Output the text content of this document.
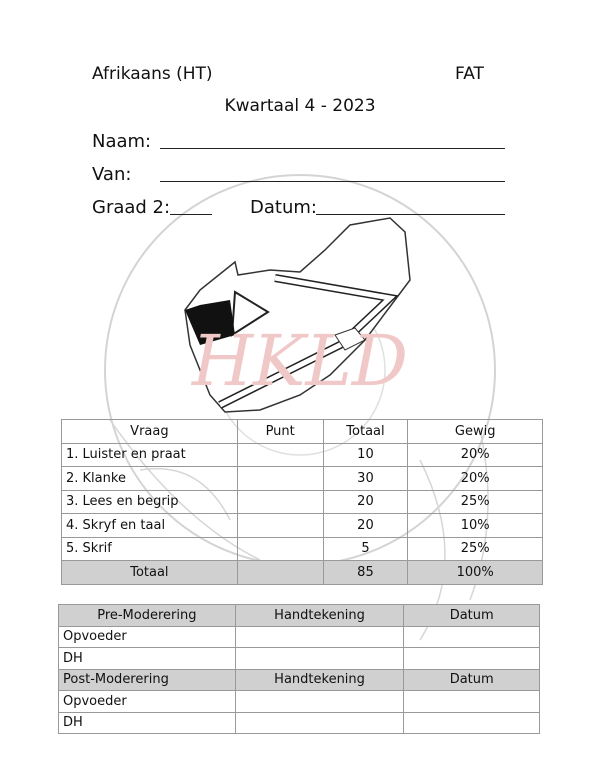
HKLD
Afrikaans (HT)	FAT
Kwartaal 4 - 2023
Naam:
Van:
Graad 2:	Datum:
Vraag	Punt	Totaal	Gewig
1. Luister en praat		10	20%
2. Klanke		30	20%
3. Lees en begrip		20	25%
4. Skryf en taal		20	10%
5. Skrif		5	25%
Totaal		85	100%
Pre-Moderering	Handtekening	Datum
Opvoeder		
DH		
Post-Moderering	Handtekening	Datum
Opvoeder		
DH		
